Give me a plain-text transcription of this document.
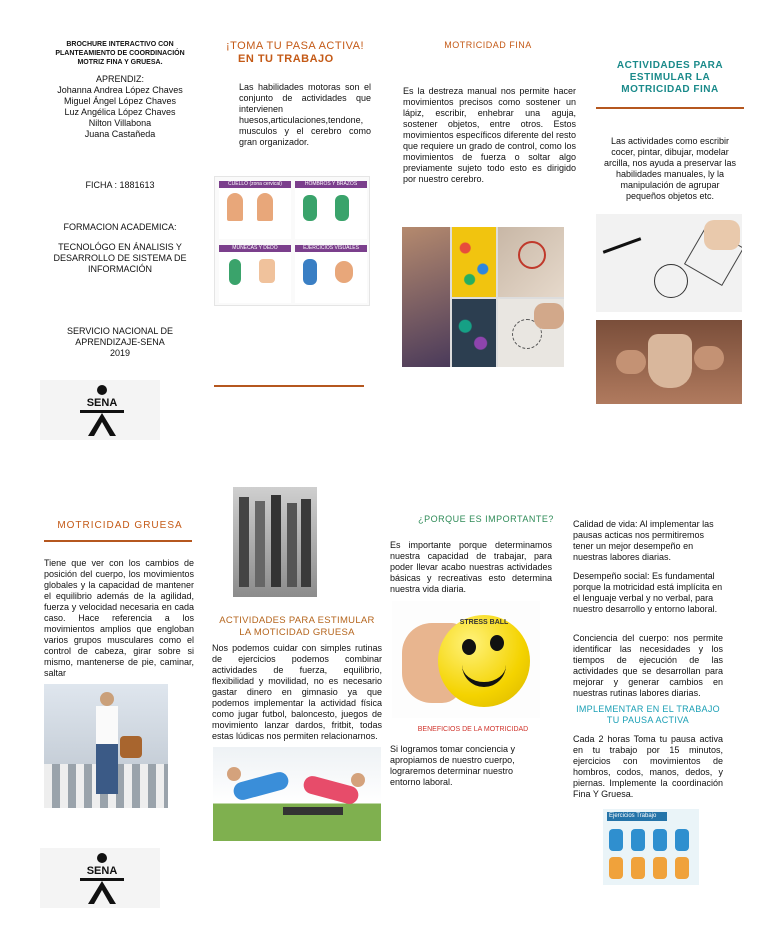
BROCHURE INTERACTIVO CON PLANTEAMIENTO DE COORDINACIÓN MOTRIZ FINA Y GRUESA.
APRENDIZ:
Johanna Andrea López Chaves
Miguel Ángel López Chaves
Luz Angélica López Chaves
Nilton Villabona
Juana Castañeda
FICHA : 1881613
FORMACION ACADEMICA:
TECNOLÓGO EN ÁNALISIS Y DESARROLLO DE SISTEMA DE INFORMACIÓN
SERVICIO NACIONAL DE APRENDIZAJE-SENA
2019
SENA
¡TOMA TU PASA ACTIVA!
EN TU TRABAJO
Las habilidades motoras son el conjunto de actividades que intervienen huesos,articulaciones,tendone, musculos y el cerebro como gran organizador.
CUELLO (zona cervical)	HOMBROS Y BRAZOS
MUÑECAS Y DEDO	EJERCICIOS VISUALES
MOTRICIDAD FINA
Es la destreza manual nos permite hacer movimientos precisos como sostener un lápiz, escribir, enhebrar una aguja, sostener objetos, entre otros. Estos movimientos específicos diferente del resto que requiere un grado de control, como los movimientos de fuerza o soltar algo previamente sujeto todo esto es dirigido por nuestro cerebro.
ACTIVIDADES PARA ESTIMULAR LA MOTRICIDAD FINA
Las actividades como escribir cocer, pintar, dibujar, modelar arcilla, nos ayuda a preservar las habilidades manuales, ly la manipulación de agrupar pequeños objetos etc.
MOTRICIDAD GRUESA
Tiene que ver con los cambios de posición del cuerpo, los movimientos globales y la capacidad de mantener el equilibrio además de la agilidad, fuerza y velocidad necesaria en cada caso. Hace referencia a los movimientos amplios que engloban varios grupos musculares como el control de cabeza, girar sobre si mismo, mantenerse de pie, caminar, saltar
SENA
ACTIVIDADES PARA ESTIMULAR LA MOTICIDAD GRUESA
Nos podemos cuidar con simples rutinas de ejercicios podemos combinar actividades de fuerza, equilibrio, flexibilidad y movilidad, no es necesario gastar dinero en gimnasio ya que podemos implementar la actividad física como jugar futbol, baloncesto, juegos de movimiento lanzar dardos, fritbit, todas estas lúdicas nos permiten relacionarnos.
¿PORQUE ES IMPORTANTE?
Es importante porque determinamos nuestra capacidad de trabajar, para poder llevar acabo nuestras actividades básicas y recreativas esto determina nuestra vida diaria.
STRESS BALL
BENEFICIOS DE LA MOTRICIDAD
Si logramos tomar conciencia y apropiamos de nuestro cuerpo, lograremos determinar nuestro entorno laboral.
Calidad de vida: Al implementar las pausas acticas nos permitiremos tener un mejor desempeño en nuestras labores diarias.
Desempeño social: Es fundamental porque la motricidad está implícita en el lenguaje verbal y no verbal, para nuestro desarrollo y entorno laboral.
Conciencia del cuerpo: nos permite identificar las necesidades y los tiempos de ejecución de las actividades que se desarrollan para mejorar y generar cambios en nuestras rutinas labores diarias.
IMPLEMENTAR EN EL TRABAJO TU PAUSA ACTIVA
Cada 2 horas Toma tu pausa activa en tu trabajo por 15 minutos, ejercicios con movimientos de hombros, codos, manos, dedos, y piernas. Implemente la coordinación Fina Y Gruesa.
Ejercicios Trabajo
